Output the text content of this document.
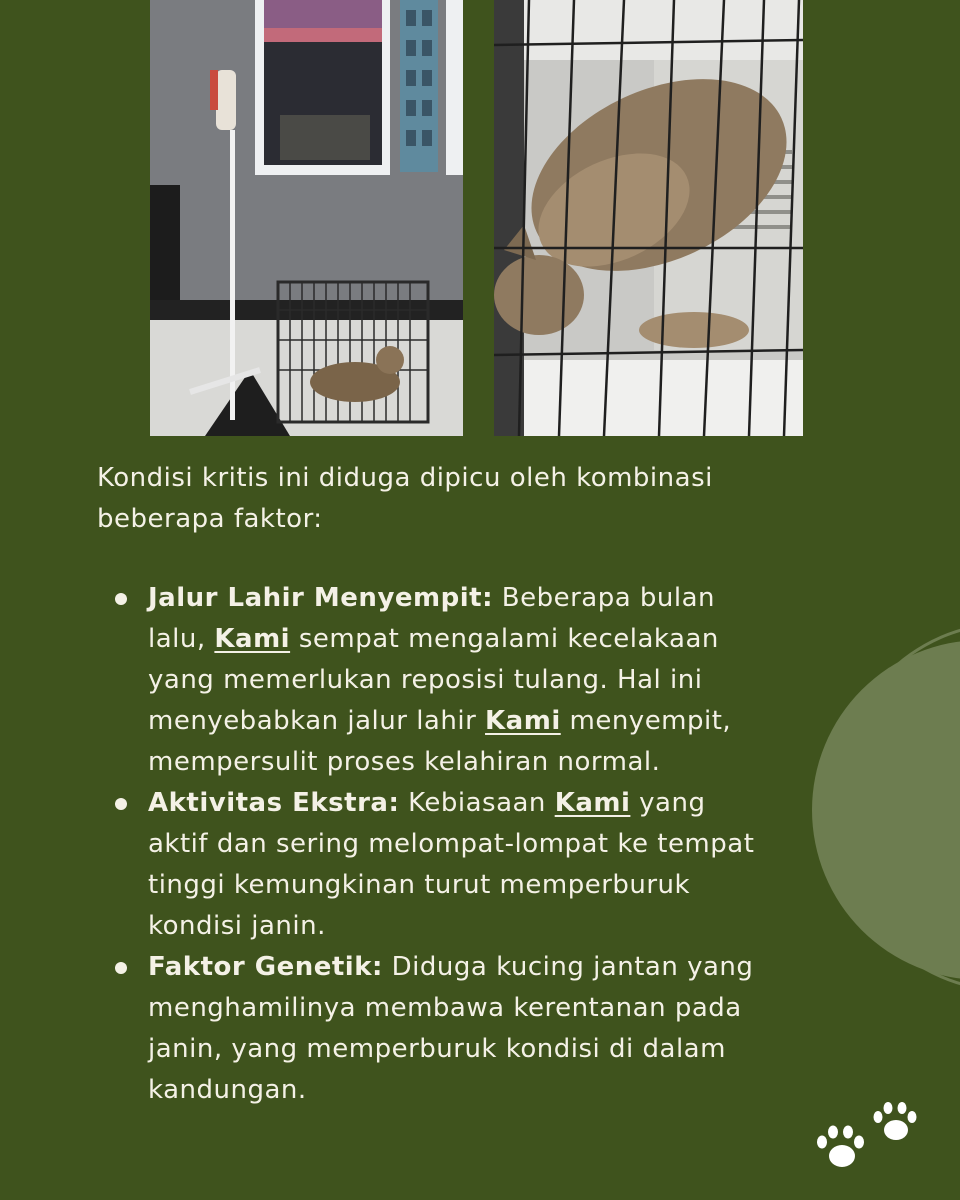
Kondisi kritis ini diduga dipicu oleh kombinasi beberapa faktor:

Jalur Lahir Menyempit: Beberapa bulan lalu, Kami sempat mengalami kecelakaan yang memerlukan reposisi tulang. Hal ini menyebabkan jalur lahir Kami menyempit, mempersulit proses kelahiran normal.
Aktivitas Ekstra: Kebiasaan Kami yang aktif dan sering melompat-lompat ke tempat tinggi kemungkinan turut memperburuk kondisi janin.
Faktor Genetik: Diduga kucing jantan yang menghamilinya membawa kerentanan pada janin, yang memperburuk kondisi di dalam kandungan.
